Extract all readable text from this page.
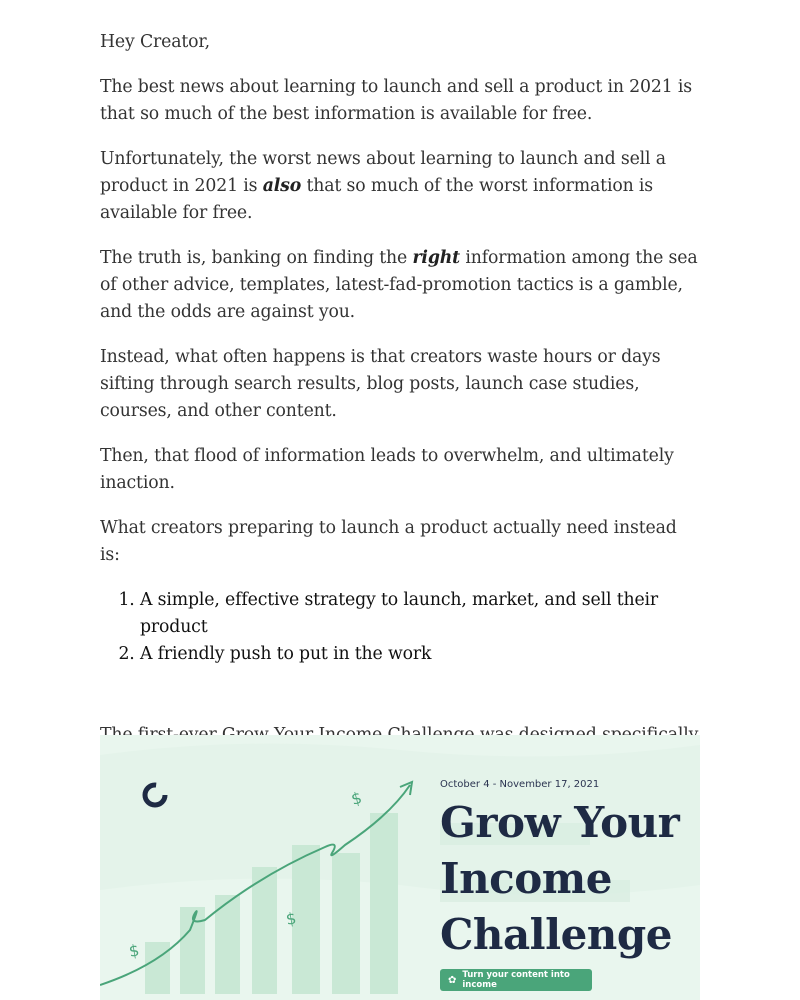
Hey Creator,

The best news about learning to launch and sell a product in 2021 is that so much of the best information is available for free.

Unfortunately, the worst news about learning to launch and sell a product in 2021 is also that so much of the worst information is available for free.

The truth is, banking on finding the right information among the sea of other advice, templates, latest-fad-promotion tactics is a gamble, and the odds are against you.

Instead, what often happens is that creators waste hours or days sifting through search results, blog posts, launch case studies, courses, and other content.

Then, that flood of information leads to overwhelm, and ultimately inaction.

What creators preparing to launch a product actually need instead is:

1. A simple, effective strategy to launch, market, and sell their product
2. A friendly push to put in the work

$
$
$
October 4 - November 17, 2021
Grow Your
Income
Challenge
✿ Turn your content into income
